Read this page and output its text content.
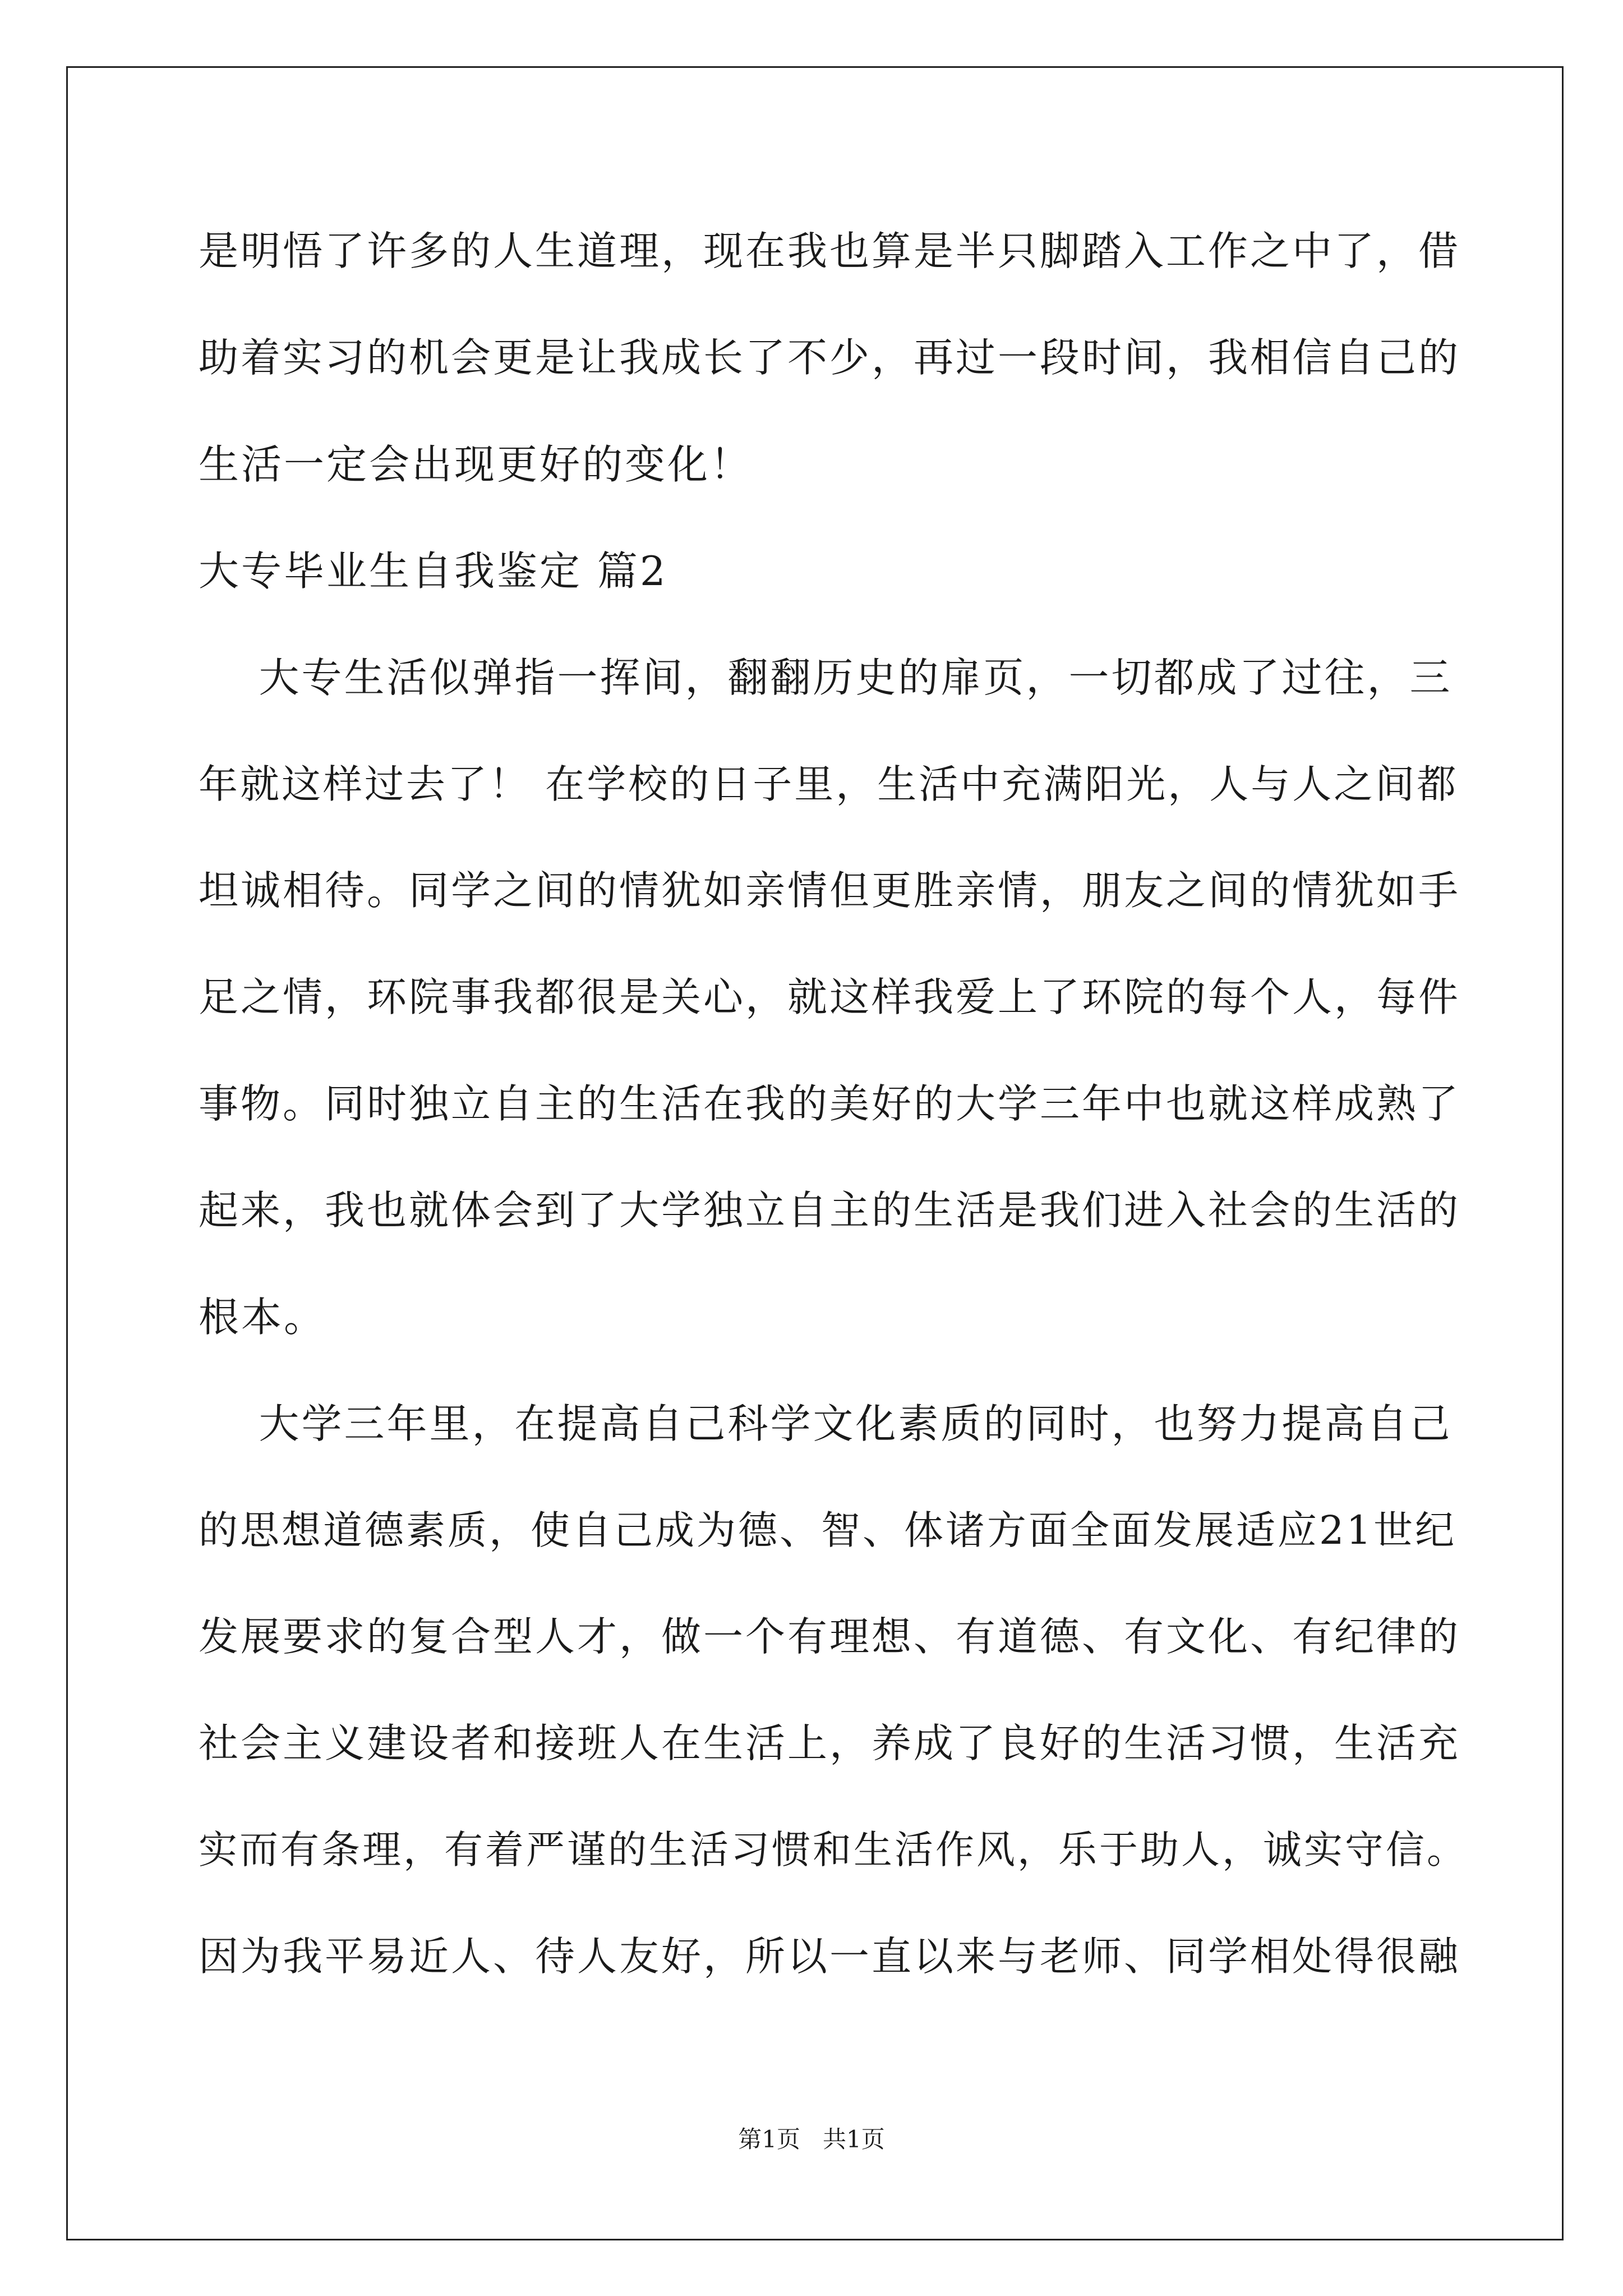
是明悟了许多的人生道理，现在我也算是半只脚踏入工作之中了，借
助着实习的机会更是让我成长了不少，再过一段时间，我相信自己的
生活一定会出现更好的变化！
大专毕业生自我鉴定 篇2
大专生活似弹指一挥间，翻翻历史的扉页，一切都成了过往，三
年就这样过去了！ 在学校的日子里，生活中充满阳光，人与人之间都
坦诚相待。同学之间的情犹如亲情但更胜亲情，朋友之间的情犹如手
足之情，环院事我都很是关心，就这样我爱上了环院的每个人，每件
事物。同时独立自主的生活在我的美好的大学三年中也就这样成熟了
起来，我也就体会到了大学独立自主的生活是我们进入社会的生活的
根本。
大学三年里，在提高自己科学文化素质的同时，也努力提高自己
的思想道德素质，使自己成为德、智、体诸方面全面发展适应21世纪
发展要求的复合型人才，做一个有理想、有道德、有文化、有纪律的
社会主义建设者和接班人在生活上，养成了良好的生活习惯，生活充
实而有条理，有着严谨的生活习惯和生活作风，乐于助人，诚实守信。
因为我平易近人、待人友好，所以一直以来与老师、同学相处得很融
第1页   共1页
